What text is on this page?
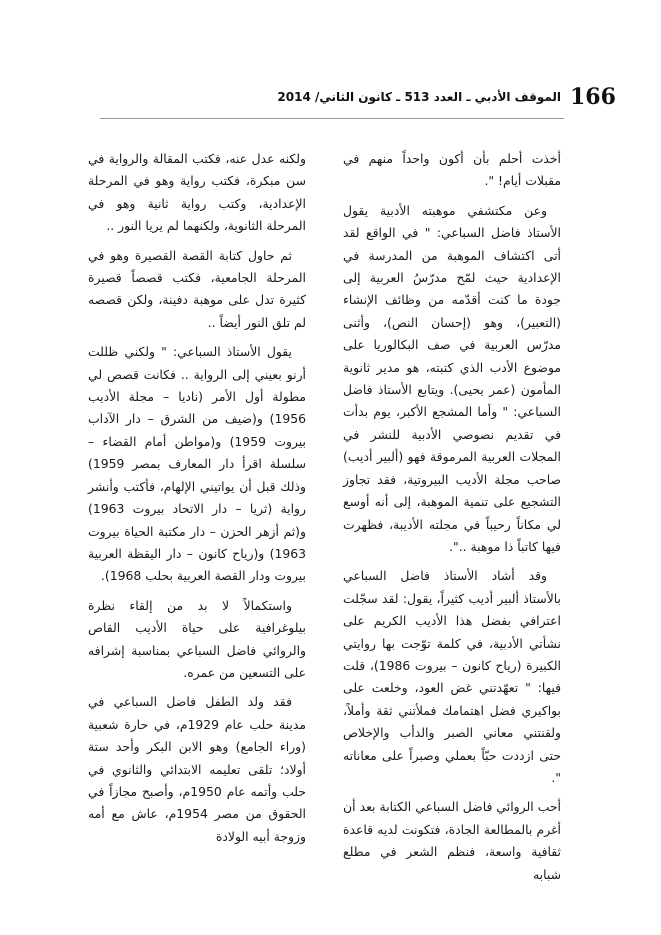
166
الموقف الأدبي ـ العدد 513 ـ كانون الثاني/ 2014

أخذت أحلم بأن أكون واحداً منهم في مقبلات أيام! ".

وعن مكتشفي موهبته الأدبية يقول الأستاذ فاضل السباعي: " في الواقع لقد أتى اكتشاف الموهبة من المدرسة في الإعدادية حيث لمّح مدرّسُ العربية إلى جودة ما كنت أقدّمه من وظائف الإنشاء (التعبير)، وهو (إحسان النص)، وأثنى مدرّس العربية في صف البكالوريا على موضوع الأدب الذي كتبته، هو مدير ثانوية المأمون (عمر يحيى). ويتابع الأستاذ فاضل السباعي: " وأما المشجع الأكبر، يوم بدأت في تقديم نصوصي الأدبية للنشر في المجلات العربية المرموقة فهو (ألبير أديب) صاحب مجلة الأديب البيروتية، فقد تجاوز التشجيع على تنمية الموهبة، إلى أنه أوسع لي مكاناً رحيباً في مجلته الأديبة، فظهرت فيها كاتباً ذا موهبة ..".

وقد أشاد الأستاذ فاضل السباعي بالأستاذ ألبير أديب كثيراً، يقول: لقد سجّلت اعترافي بفضل هذا الأديب الكريم على نشأتي الأدبية، في كلمة توّجت بها روايتي الكبيرة (رياح كانون – بيروت 1986)، قلت فيها: " تعهّدتني غض العود، وخلعت على بواكيري فضل اهتمامك فملأتني ثقة وأملاً، ولقنتني معاني الصبر والدأب والإخلاص حتى ازددت حبّاً بعملي وصبراً على معاناته ".

أحب الروائي فاضل السباعي الكتابة بعد أن أغرم بالمطالعة الجادة، فتكونت لديه قاعدة ثقافية واسعة، فنظم الشعر في مطلع شبابه

ولكنه عدل عنه، فكتب المقالة والرواية في سن مبكرة، فكتب رواية وهو في المرحلة الإعدادية، وكتب رواية ثانية وهو في المرحلة الثانوية، ولكنهما لم يريا النور ..

ثم حاول كتابة القصة القصيرة وهو في المرحلة الجامعية، فكتب قصصاً قصيرة كثيرة تدل على موهبة دفينة، ولكن قصصه لم تلق النور أيضاً ..

يقول الأستاذ السباعي: " ولكني ظللت أرنو بعيني إلى الرواية .. فكانت قصص لي مطولة أول الأمر (ناديا – مجلة الأديب 1956) و(ضيف من الشرق – دار الآداب بيروت 1959) و(مواطن أمام القضاء – سلسلة اقرأ دار المعارف بمصر 1959) وذلك قبل أن يواتيني الإلهام، فأكتب وأنشر رواية (ثريا – دار الاتحاد بيروت 1963) و(ثم أزهر الحزن – دار مكتبة الحياة بيروت 1963) و(رياح كانون – دار اليقظة العربية بيروت ودار القصة العربية بحلب 1968).

واستكمالاً لا بد من إلقاء نظرة بيلوغرافية على حياة الأديب القاص والروائي فاضل السباعي بمناسبة إشرافه على التسعين من عمره.

فقد ولد الطفل فاضل السباعي في مدينة حلب عام 1929م، في حارة شعبية (وراء الجامع) وهو الابن البكر وأحد ستة أولاد؛ تلقى تعليمه الابتدائي والثانوي في حلب وأتمه عام 1950م، وأصبح مجازاً في الحقوق من مصر 1954م، عاش مع أمه وزوجة أبيه الولادة
